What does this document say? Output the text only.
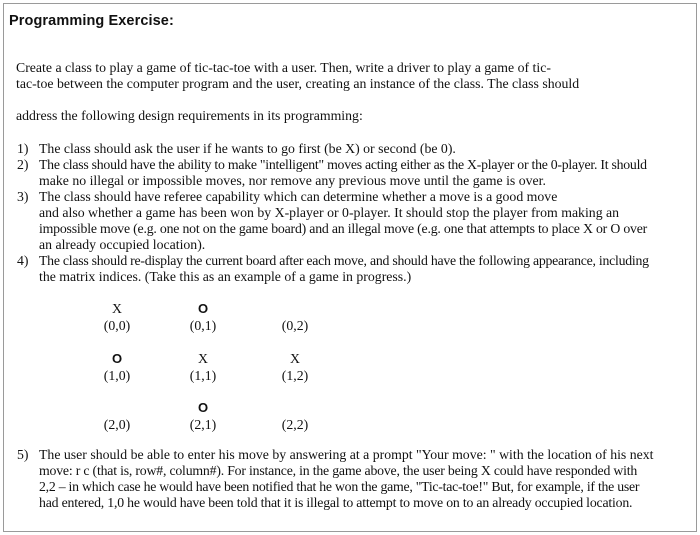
Programming Exercise:
Create a class to play a game of tic-tac-toe with a user. Then, write a driver to play a game of tic-
tac-toe between the computer program and the user, creating an instance of the class. The class should
address the following design requirements in its programming:
1) The class should ask the user if he wants to go first (be X) or second (be 0).
2) The class should have the ability to make "intelligent" moves acting either as the X-player or the 0-player. It should
make no illegal or impossible moves, nor remove any previous move until the game is over.
3) The class should have referee capability which can determine whether a move is a good move
and also whether a game has been won by X-player or 0-player. It should stop the player from making an
impossible move (e.g. one not on the game board) and an illegal move (e.g. one that attempts to place X or O over
an already occupied location).
4) The class should re-display the current board after each move, and should have the following appearance, including
the matrix indices. (Take this as an example of a game in progress.)
X
(0,0)
O
(0,1)	(0,2)
O
(1,0)
X
(1,1)
X
(1,2)
(2,0)
O
(2,1)	(2,2)
5) The user should be able to enter his move by answering at a prompt "Your move: " with the location of his next
move: r c (that is, row#, column#). For instance, in the game above, the user being X could have responded with
2,2 – in which case he would have been notified that he won the game, "Tic-tac-toe!" But, for example, if the user
had entered, 1,0 he would have been told that it is illegal to attempt to move on to an already occupied location.
